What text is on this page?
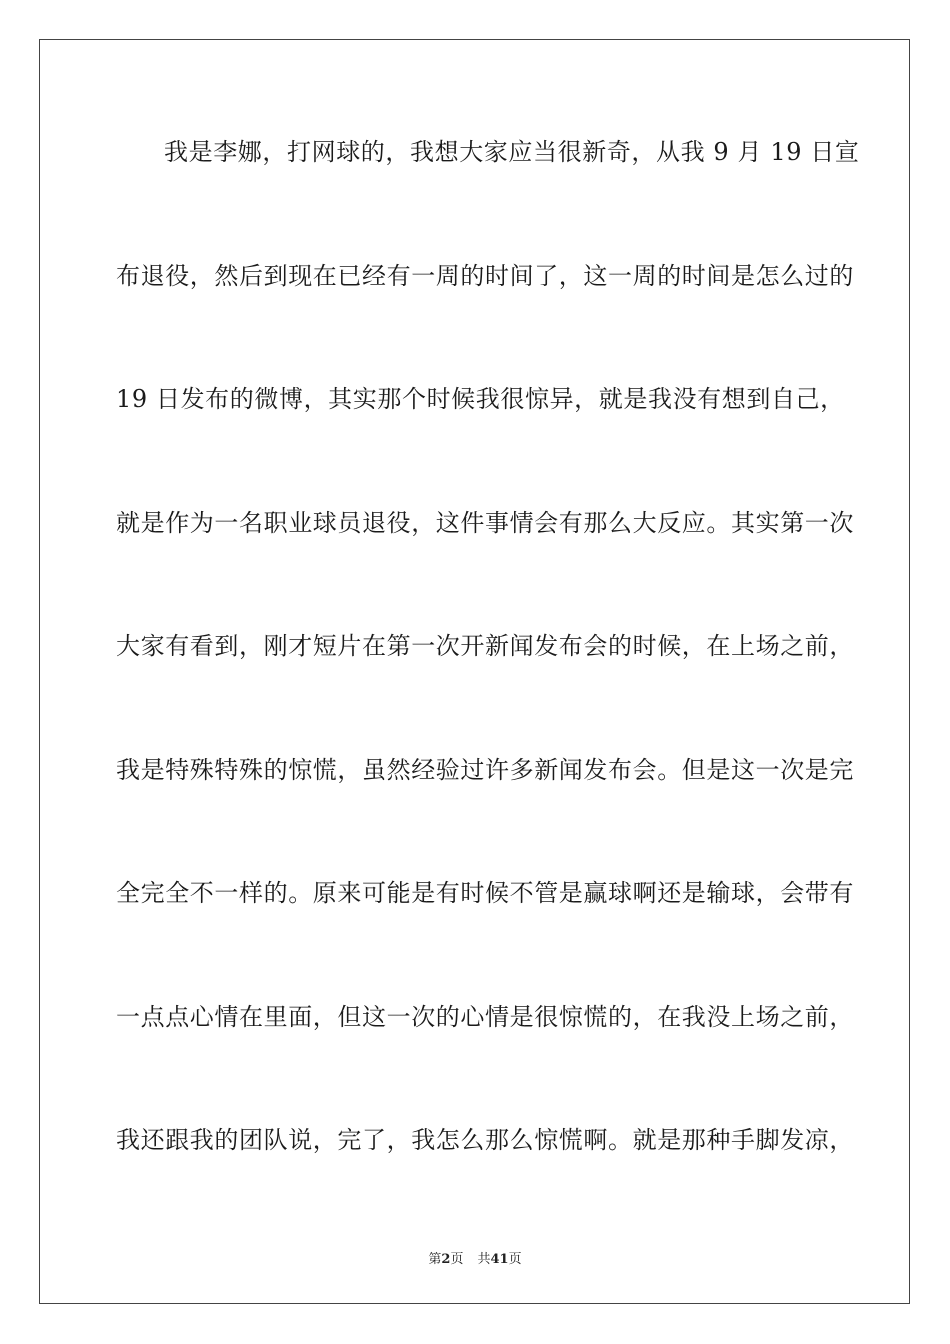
我是李娜，打网球的，我想大家应当很新奇，从我 9 月 19 日宣
布退役，然后到现在已经有一周的时间了，这一周的时间是怎么过的
19 日发布的微博，其实那个时候我很惊异，就是我没有想到自己，
就是作为一名职业球员退役，这件事情会有那么大反应。其实第一次
大家有看到，刚才短片在第一次开新闻发布会的时候，在上场之前，
我是特殊特殊的惊慌，虽然经验过许多新闻发布会。但是这一次是完
全完全不一样的。原来可能是有时候不管是赢球啊还是输球，会带有
一点点心情在里面，但这一次的心情是很惊慌的，在我没上场之前，
我还跟我的团队说，完了，我怎么那么惊慌啊。就是那种手脚发凉，
第2页 共41页
